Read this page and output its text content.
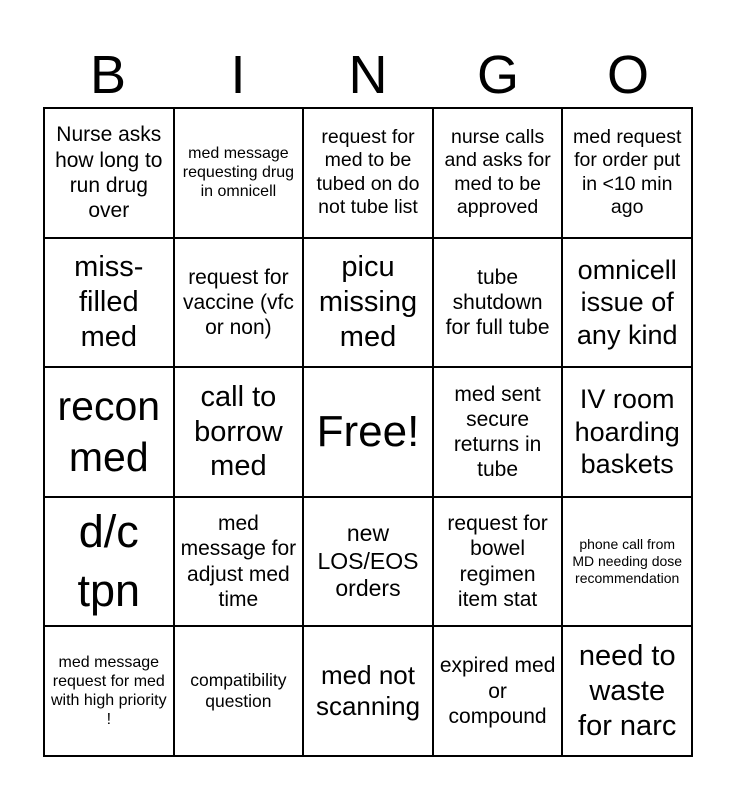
B	I	N	G	O
Nurse asks how long to run drug over
med message requesting drug in omnicell
request for med to be tubed on do not tube list
nurse calls and asks for med to be approved
med request for order put in <10 min ago
miss-filled med
request for vaccine (vfc or non)
picu missing med
tube shutdown for full tube
omnicell issue of any kind
recon med
call to borrow med
Free!
med sent secure returns in tube
IV room hoarding baskets
d/c tpn
med message for adjust med time
new LOS/EOS orders
request for bowel regimen item stat
phone call from MD needing dose recommendation
med message request for med with high priority !
compatibility question
med not scanning
expired med or compound
need to waste for narc
